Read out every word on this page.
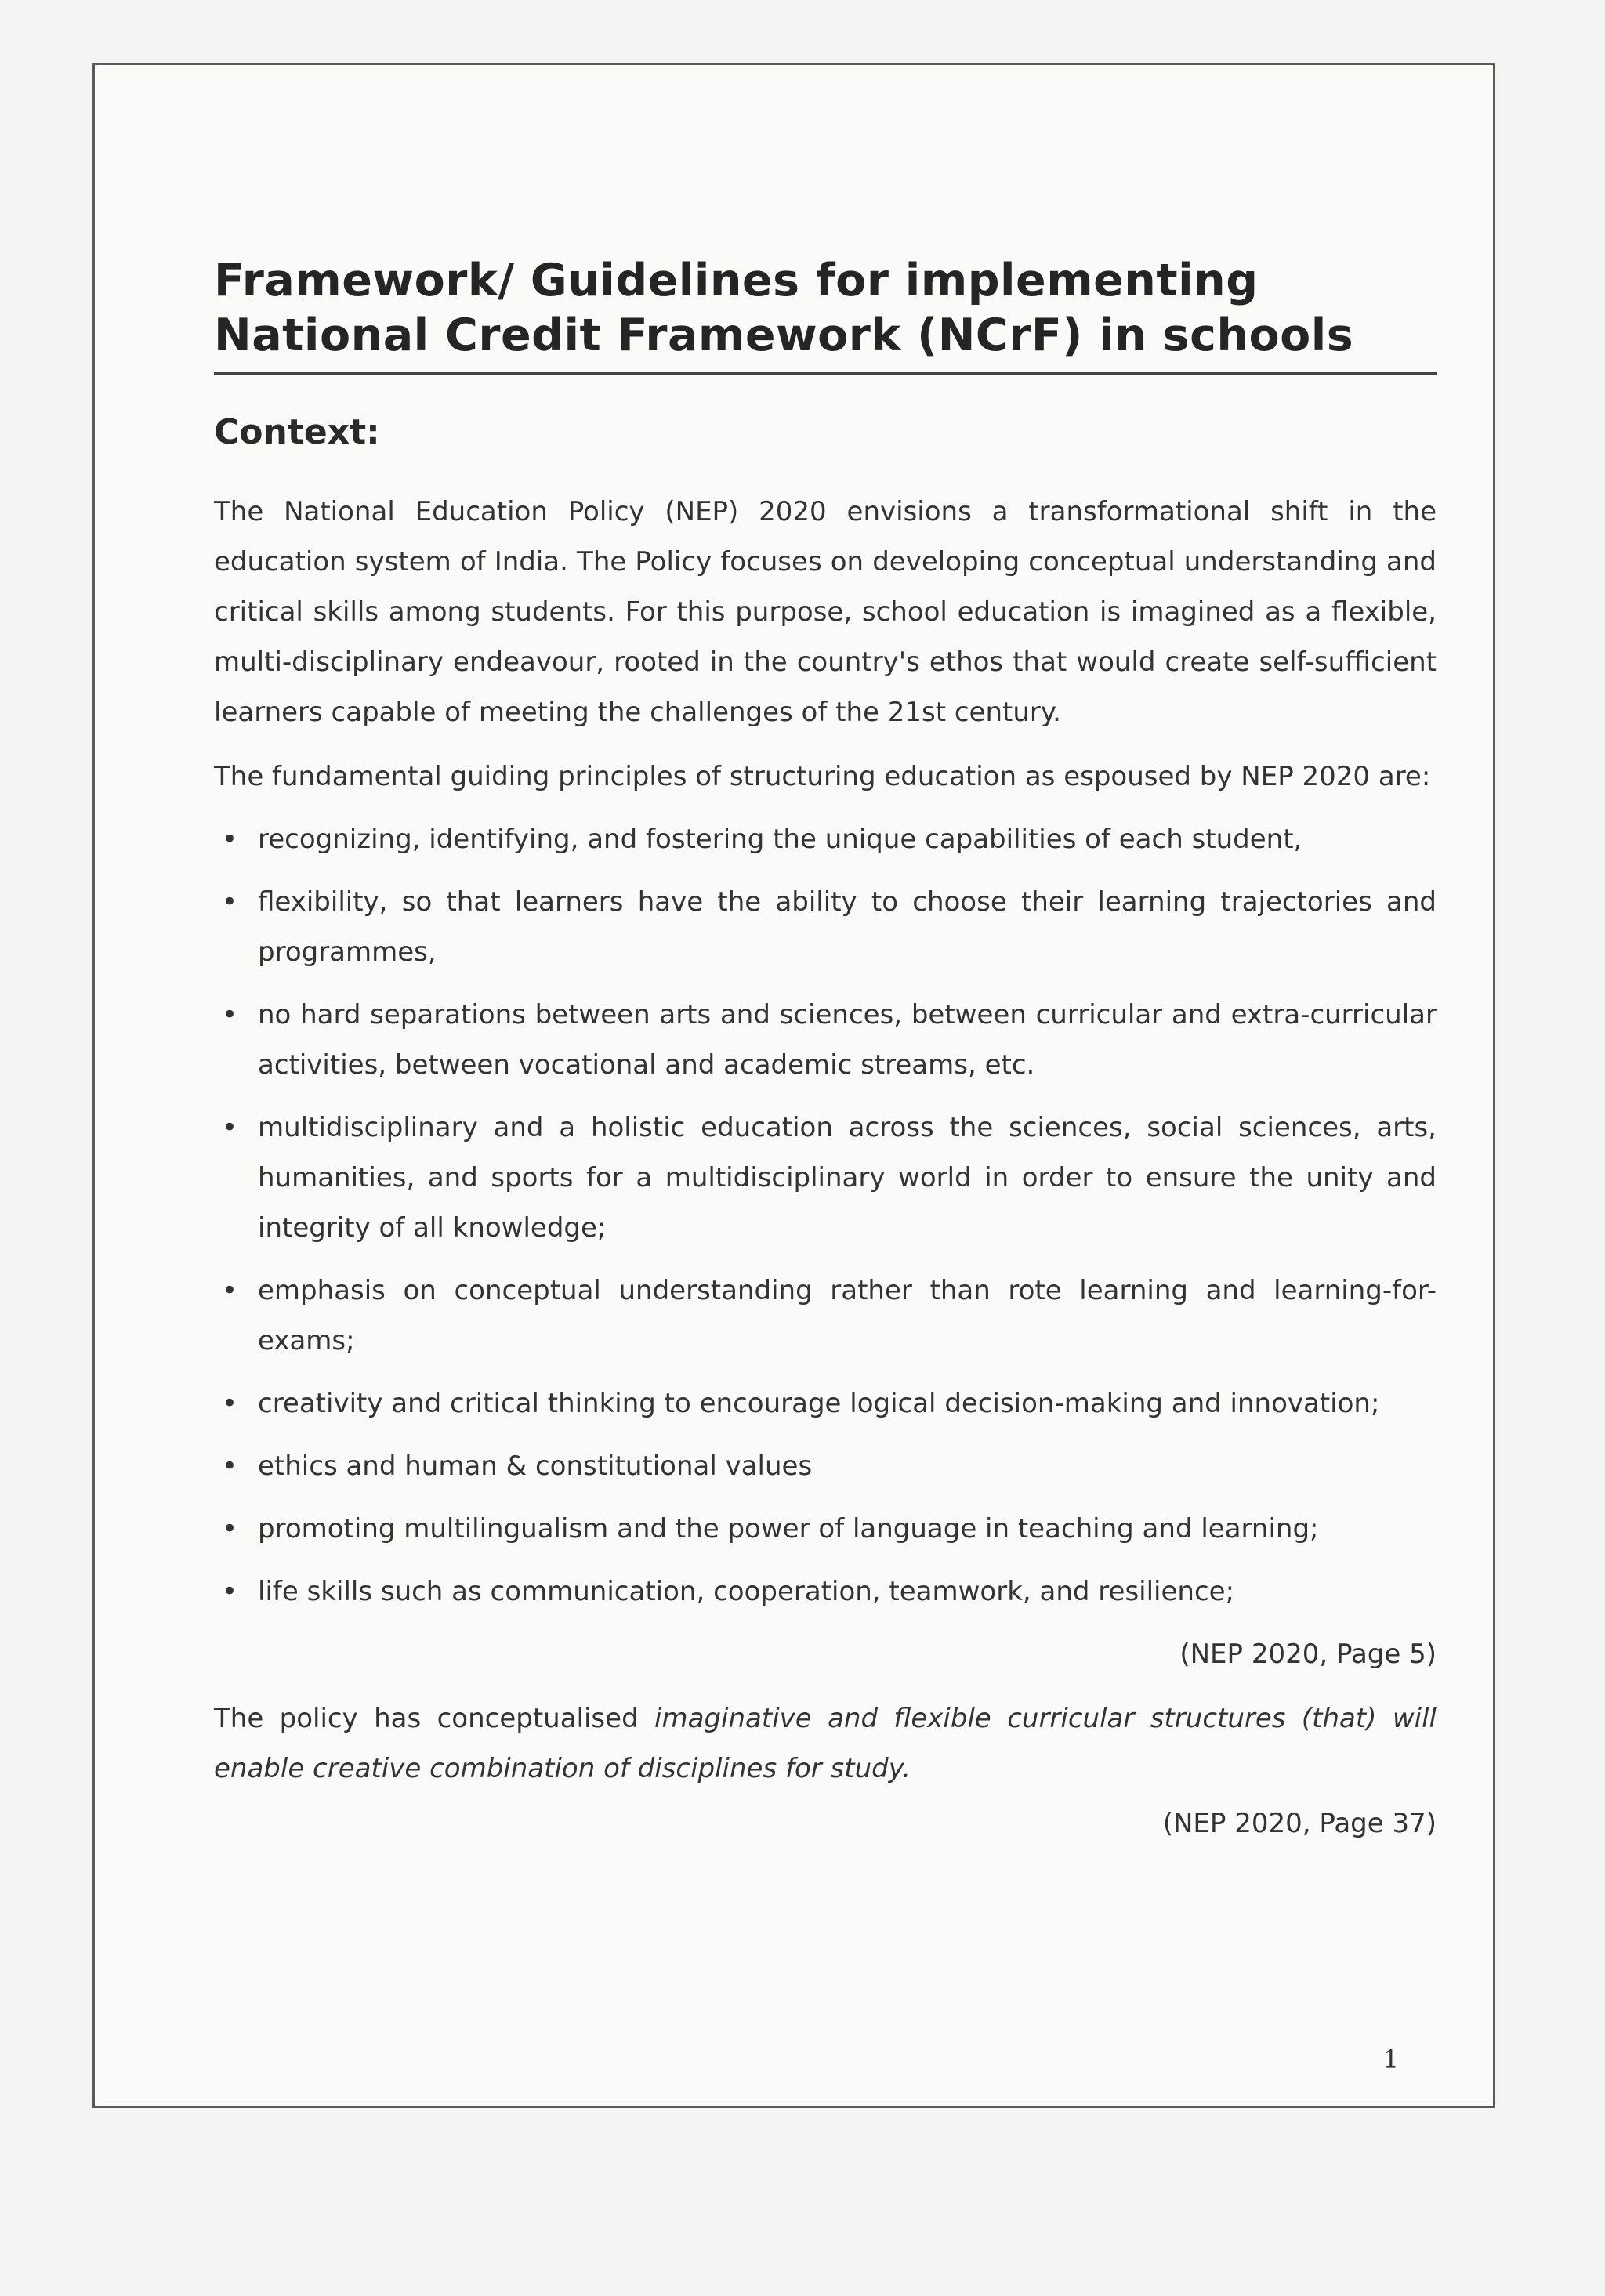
Framework/ Guidelines for implementing
National Credit Framework (NCrF) in schools
Context:

The National Education Policy (NEP) 2020 envisions a transformational shift in the education system of India. The Policy focuses on developing conceptual understanding and critical skills among students. For this purpose, school education is imagined as a flexible, multi-disciplinary endeavour, rooted in the country's ethos that would create self-sufficient learners capable of meeting the challenges of the 21st century.

The fundamental guiding principles of structuring education as espoused by NEP 2020 are:

• recognizing, identifying, and fostering the unique capabilities of each student,
• flexibility, so that learners have the ability to choose their learning trajectories and programmes,
• no hard separations between arts and sciences, between curricular and extra-curricular activities, between vocational and academic streams, etc.
• multidisciplinary and a holistic education across the sciences, social sciences, arts, humanities, and sports for a multidisciplinary world in order to ensure the unity and integrity of all knowledge;
• emphasis on conceptual understanding rather than rote learning and learning-for-exams;
• creativity and critical thinking to encourage logical decision-making and innovation;
• ethics and human & constitutional values
• promoting multilingualism and the power of language in teaching and learning;
• life skills such as communication, cooperation, teamwork, and resilience;

(NEP 2020, Page 5)

The policy has conceptualised imaginative and flexible curricular structures (that) will enable creative combination of disciplines for study.

(NEP 2020, Page 37)

1
